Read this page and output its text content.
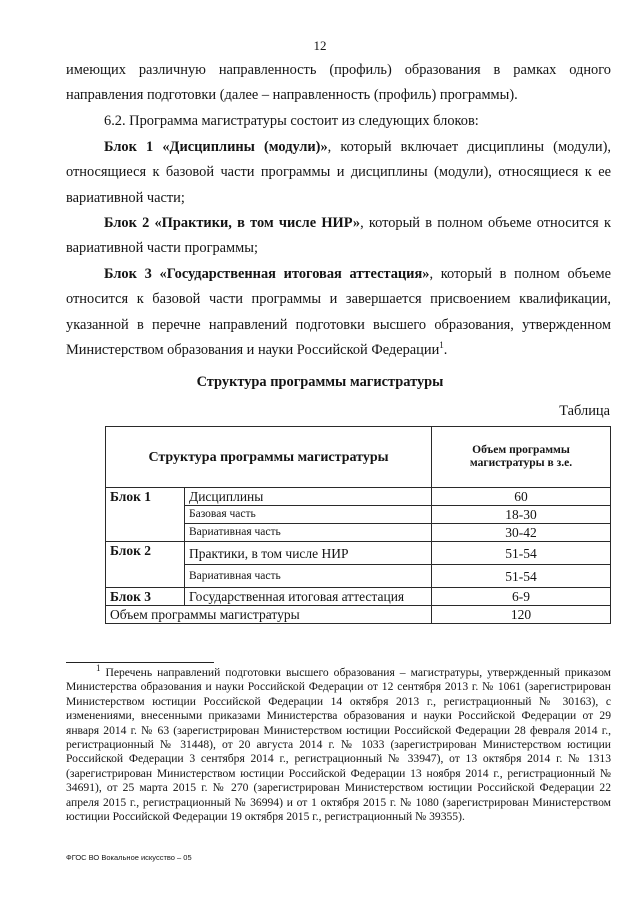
12

имеющих различную направленность (профиль) образования в рамках одного направления подготовки (далее – направленность (профиль) программы).

6.2. Программа магистратуры состоит из следующих блоков:

Блок 1 «Дисциплины (модули)», который включает дисциплины (модули), относящиеся к базовой части программы и дисциплины (модули), относящиеся к ее вариативной части;

Блок 2 «Практики, в том числе НИР», который в полном объеме относится к вариативной части программы;

Блок 3 «Государственная итоговая аттестация», который в полном объеме относится к базовой части программы и завершается присвоением квалификации, указанной в перечне направлений подготовки высшего образования, утвержденном Министерством образования и науки Российской Федерации$^1$.

Структура программы магистратуры
Таблица
Структура программы магистратуры		Объем программы магистратуры в з.е.
Блок 1	Дисциплины	60
	Базовая часть	18-30
	Вариативная часть	30-42
Блок 2	Практики, в том числе НИР	51-54
	Вариативная часть	51-54
Блок 3	Государственная итоговая аттестация	6-9
Объем программы магистратуры		120

$^1$ Перечень направлений подготовки высшего образования – магистратуры, утвержденный приказом Министерства образования и науки Российской Федерации от 12 сентября 2013 г. № 1061 (зарегистрирован Министерством юстиции Российской Федерации 14 октября 2013 г., регистрационный № 30163), с изменениями, внесенными приказами Министерства образования и науки Российской Федерации от 29 января 2014 г. № 63 (зарегистрирован Министерством юстиции Российской Федерации 28 февраля 2014 г., регистрационный № 31448), от 20 августа 2014 г. № 1033 (зарегистрирован Министерством юстиции Российской Федерации 3 сентября 2014 г., регистрационный № 33947), от 13 октября 2014 г. № 1313 (зарегистрирован Министерством юстиции Российской Федерации 13 ноября 2014 г., регистрационный № 34691), от 25 марта 2015 г. № 270 (зарегистрирован Министерством юстиции Российской Федерации 22 апреля 2015 г., регистрационный № 36994) и от 1 октября 2015 г. № 1080 (зарегистрирован Министерством юстиции Российской Федерации 19 октября 2015 г., регистрационный № 39355).

ФГОС ВО Вокальное искусство – 05
